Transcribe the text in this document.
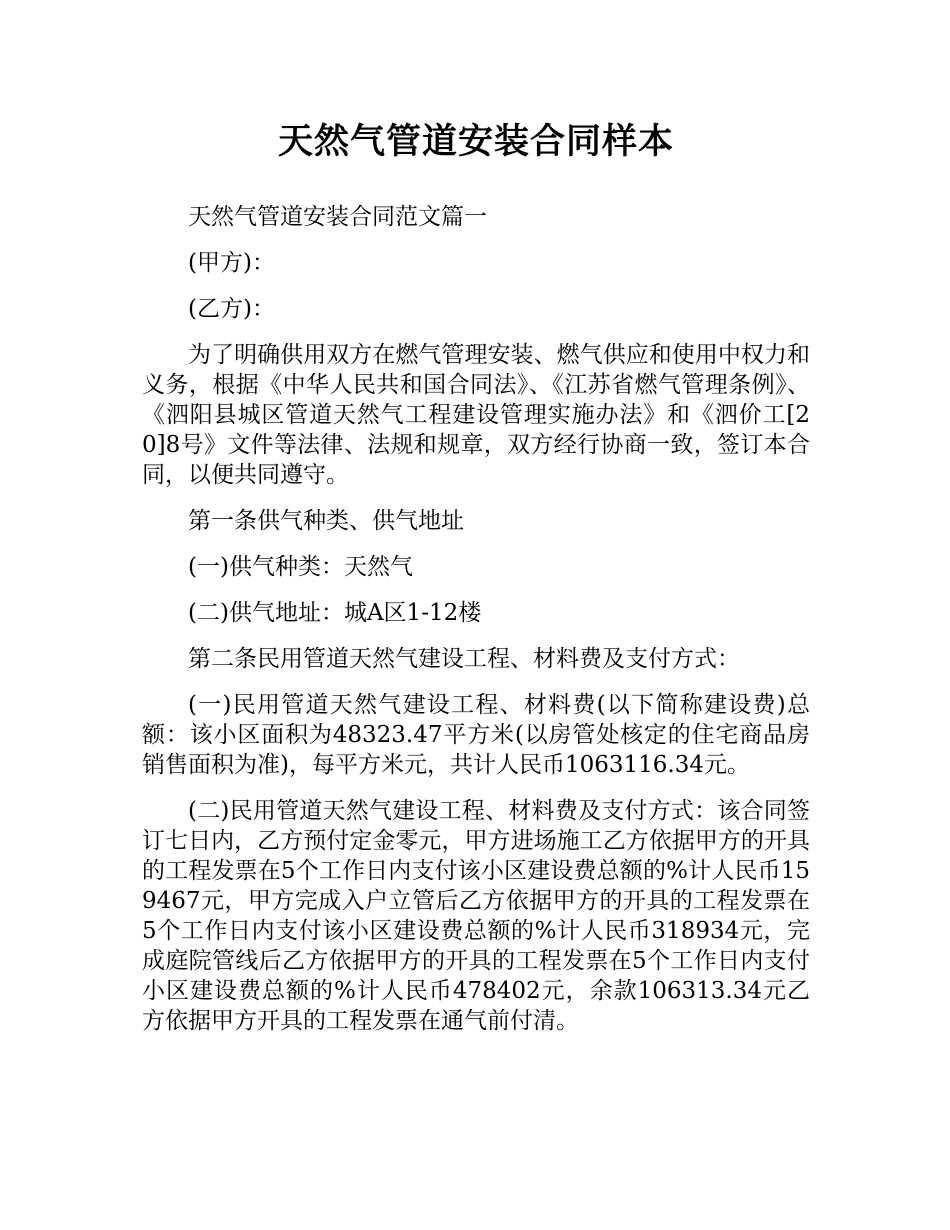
天然气管道安装合同样本

天然气管道安装合同范文篇一

(甲方)：

(乙方)：

为了明确供用双方在燃气管理安装、燃气供应和使用中权力和义务，根据《中华人民共和国合同法》、《江苏省燃气管理条例》、《泗阳县城区管道天然气工程建设管理实施办法》和《泗价工[20]8号》文件等法律、法规和规章，双方经行协商一致，签订本合同，以便共同遵守。

第一条供气种类、供气地址

(一)供气种类：天然气

(二)供气地址：城A区1-12楼

第二条民用管道天然气建设工程、材料费及支付方式：

(一)民用管道天然气建设工程、材料费(以下简称建设费)总额：该小区面积为48323.47平方米(以房管处核定的住宅商品房销售面积为准)，每平方米元，共计人民币1063116.34元。

(二)民用管道天然气建设工程、材料费及支付方式：该合同签订七日内，乙方预付定金零元，甲方进场施工乙方依据甲方的开具的工程发票在5个工作日内支付该小区建设费总额的%计人民币159467元，甲方完成入户立管后乙方依据甲方的开具的工程发票在5个工作日内支付该小区建设费总额的%计人民币318934元，完成庭院管线后乙方依据甲方的开具的工程发票在5个工作日内支付小区建设费总额的%计人民币478402元，余款106313.34元乙方依据甲方开具的工程发票在通气前付清。
